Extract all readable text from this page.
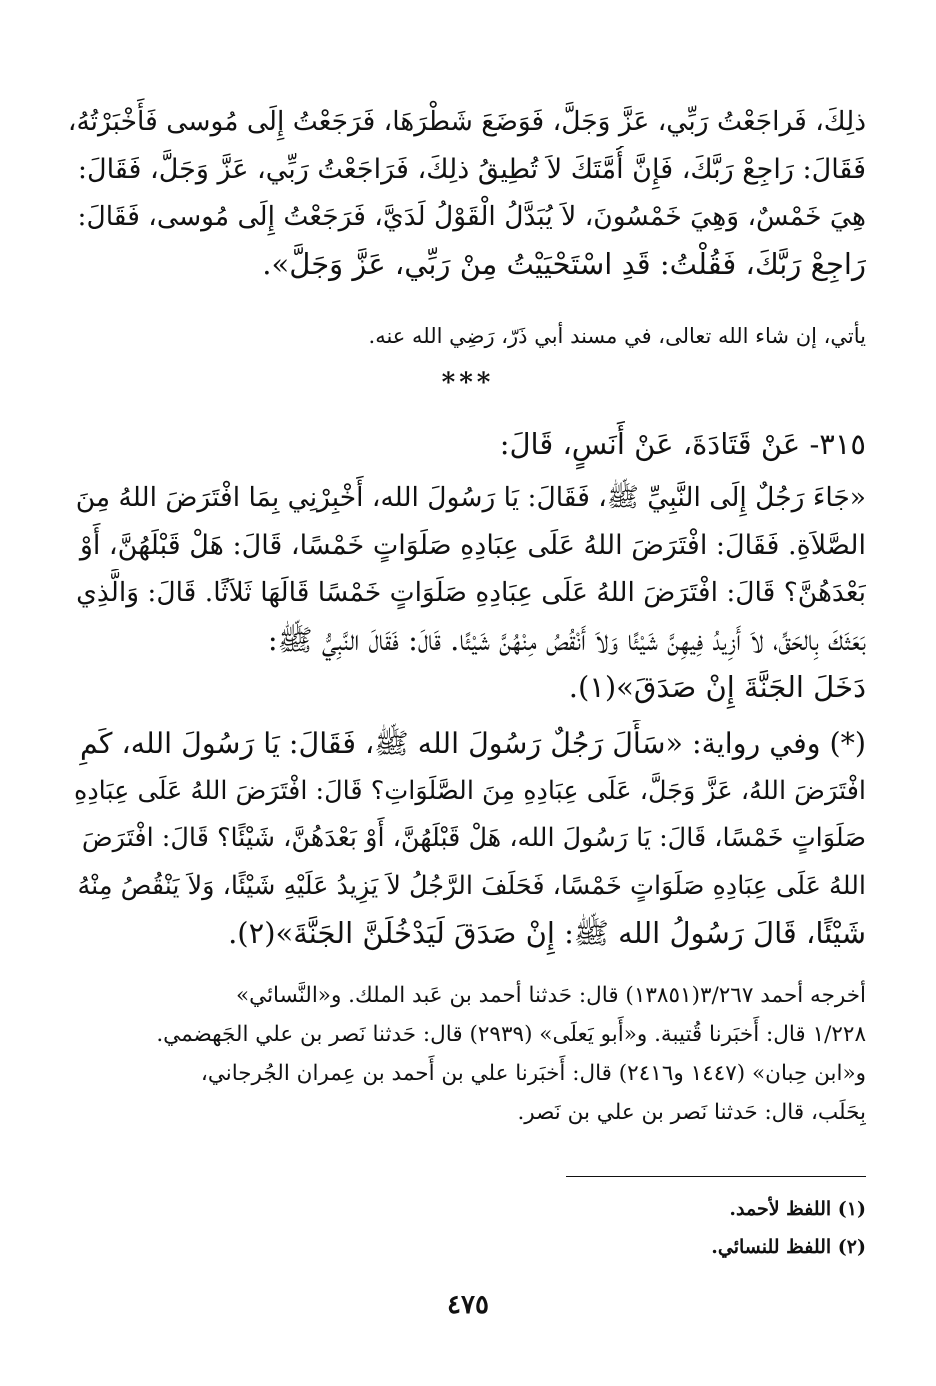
ذلِكَ، فَراجَعْتُ رَبِّي، عَزَّ وَجَلَّ، فَوَضَعَ شَطْرَهَا، فَرَجَعْتُ إِلَى مُوسى فَأَخْبَرْتُهُ،
فَقَالَ: رَاجِعْ رَبَّكَ، فَإِنَّ أُمَّتَكَ لاَ تُطِيقُ ذلِكَ، فَرَاجَعْتُ رَبِّي، عَزَّ وَجَلَّ، فَقَالَ:
هِيَ خَمْسٌ، وَهِيَ خَمْسُونَ، لاَ يُبَدَّلُ الْقَوْلُ لَدَيَّ، فَرَجَعْتُ إِلَى مُوسى، فَقَالَ:
رَاجِعْ رَبَّكَ، فَقُلْتُ: قَدِ اسْتَحْيَيْتُ مِنْ رَبِّي، عَزَّ وَجَلَّ».
يأتي، إن شاء الله تعالى، في مسند أبي ذَرّ، رَضِي الله عنه.
***
٣١٥- عَنْ قَتَادَةَ، عَنْ أَنَسٍ، قَالَ:
«جَاءَ رَجُلٌ إِلَى النَّبِيِّ ﷺ، فَقَالَ: يَا رَسُولَ الله، أَخْبِرْنِي بِمَا افْتَرَضَ اللهُ مِنَ
الصَّلاَةِ. فَقَالَ: افْتَرَضَ اللهُ عَلَى عِبَادِهِ صَلَوَاتٍ خَمْسًا، قَالَ: هَلْ قَبْلَهُنَّ، أَوْ
بَعْدَهُنَّ؟ قَالَ: افْتَرَضَ اللهُ عَلَى عِبَادِهِ صَلَوَاتٍ خَمْسًا قَالَهَا ثَلاَثًا. قَالَ: وَالَّذِي
بَعَثَكَ بِالحَقِّ، لاَ أَزِيدُ فِيهِنَّ شَيْئًا وَلاَ أَنْقُصُ مِنْهُنَّ شَيْئًا. قَالَ: فَقَالَ النَّبِيُّ ﷺ:
دَخَلَ الجَنَّةَ إِنْ صَدَقَ»(١).
(*) وفي رواية: «سَأَلَ رَجُلٌ رَسُولَ الله ﷺ، فَقَالَ: يَا رَسُولَ الله، كَمِ
افْتَرَضَ اللهُ، عَزَّ وَجَلَّ، عَلَى عِبَادِهِ مِنَ الصَّلَوَاتِ؟ قَالَ: افْتَرَضَ اللهُ عَلَى عِبَادِهِ
صَلَوَاتٍ خَمْسًا، قَالَ: يَا رَسُولَ الله، هَلْ قَبْلَهُنَّ، أَوْ بَعْدَهُنَّ، شَيْئًا؟ قَالَ: افْتَرَضَ
اللهُ عَلَى عِبَادِهِ صَلَوَاتٍ خَمْسًا، فَحَلَفَ الرَّجُلُ لاَ يَزِيدُ عَلَيْهِ شَيْئًا، وَلاَ يَنْقُصُ مِنْهُ
شَيْئًا، قَالَ رَسُولُ الله ﷺ: إِنْ صَدَقَ لَيَدْخُلَنَّ الجَنَّةَ»(٢).
أخرجه أحمد ٣/٢٦٧(١٣٨٥١) قال: حَدثنا أحمد بن عَبد الملك. و«النَّسائي»
١/٢٢٨ قال: أَخبَرنا قُتيبة. و«أَبو يَعلَى» (٢٩٣٩) قال: حَدثنا نَصر بن علي الجَهضمي.
و«ابن حِبان» (١٤٤٧ و٢٤١٦) قال: أَخبَرنا علي بن أَحمد بن عِمران الجُرجاني،
بِحَلَب، قال: حَدثنا نَصر بن علي بن نَصر.
(١) اللفظ لأحمد.
(٢) اللفظ للنسائي.
٤٧٥
